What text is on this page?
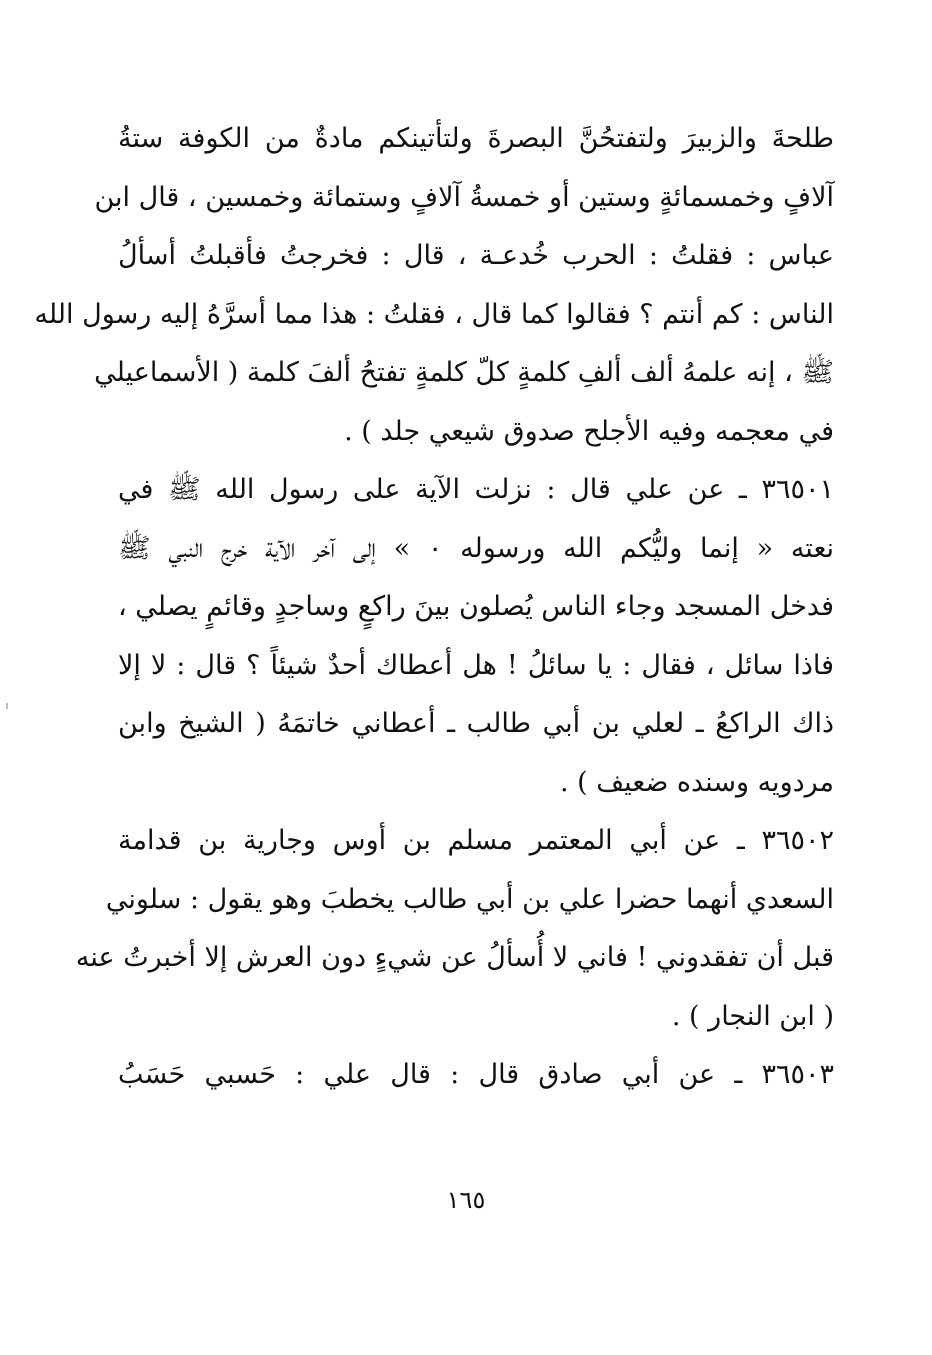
طلحةَ والزبيرَ ولتفتحُنَّ البصرةَ ولتأتينكم مادةٌ من الكوفة ستةُ
آلافٍ وخمسمائةٍ وستين أو خمسةُ آلافٍ وستمائة وخمسين ، قال ابن
عباس : فقلتُ : الحرب خُدعـة ، قال : فخرجتُ فأقبلتُ أسألُ
الناس : كم أنتم ؟ فقالوا كما قال ، فقلتُ : هذا مما أسرَّهُ إليه رسول الله
ﷺ ، إنه علمهُ ألف ألفِ كلمةٍ كلّ كلمةٍ تفتحُ ألفَ كلمة ( الأسماعيلي
في معجمه وفيه الأجلح صدوق شيعي جلد ) .
٣٦٥٠١ ـ عن علي قال : نزلت الآية على رسول الله ﷺ في
نعته « إنما وليُّكم الله ورسوله ٠ » إلى آخر الآية خرج النبي ﷺ
فدخل المسجد وجاء الناس يُصلون بينَ راكعٍ وساجدٍ وقائمٍ يصلي ،
فاذا سائل ، فقال : يا سائلُ ! هل أعطاك أحدٌ شيئاً ؟ قال : لا إلا
ذاك الراكعُ ـ لعلي بن أبي طالب ـ أعطاني خاتمَهُ ( الشيخ وابن
مردويه وسنده ضعيف ) .
٣٦٥٠٢ ـ عن أبي المعتمر مسلم بن أوس وجارية بن قدامة
السعدي أنهما حضرا علي بن أبي طالب يخطبَ وهو يقول : سلوني
قبل أن تفقدوني ! فاني لا أُسألُ عن شيءٍ دون العرش إلا أخبرتُ عنه
( ابن النجار ) .
٣٦٥٠٣ ـ عن أبي صادق قال : قال علي : حَسبي حَسَبُ
١٦٥
